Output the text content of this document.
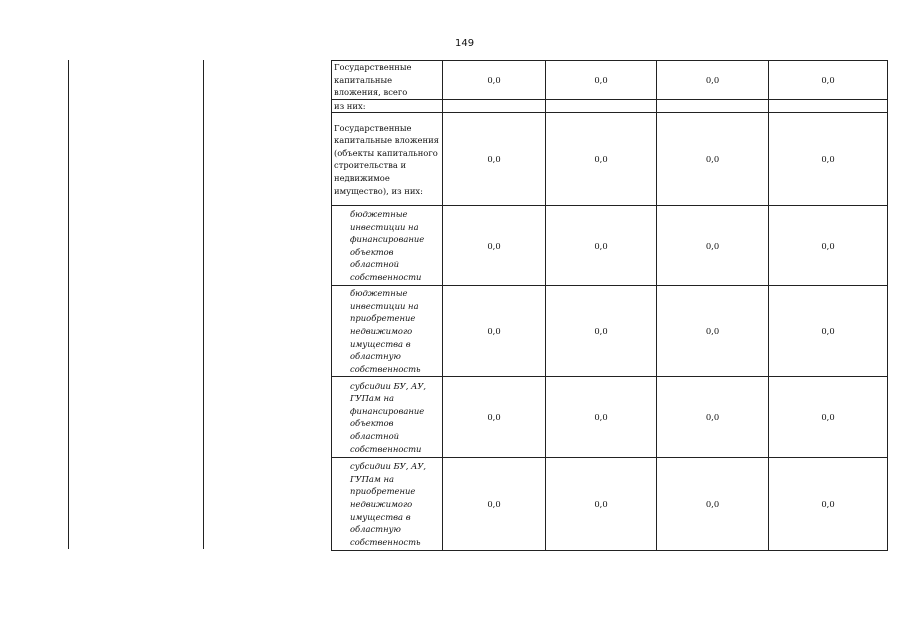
149
Государственные капитальные вложения, всего	0,0	0,0	0,0	0,0
из них:				
Государственные капитальные вложения (объекты капитального строительства и недвижимое имущество), из них:	0,0	0,0	0,0	0,0
бюджетные инвестиции на финансирование объектов областной собственности	0,0	0,0	0,0	0,0
бюджетные инвестиции на приобретение недвижимого имущества в областную собственность	0,0	0,0	0,0	0,0
субсидии БУ, АУ, ГУПам на финансирование объектов областной собственности	0,0	0,0	0,0	0,0
субсидии БУ, АУ, ГУПам на приобретение недвижимого имущества в областную собственность	0,0	0,0	0,0	0,0
